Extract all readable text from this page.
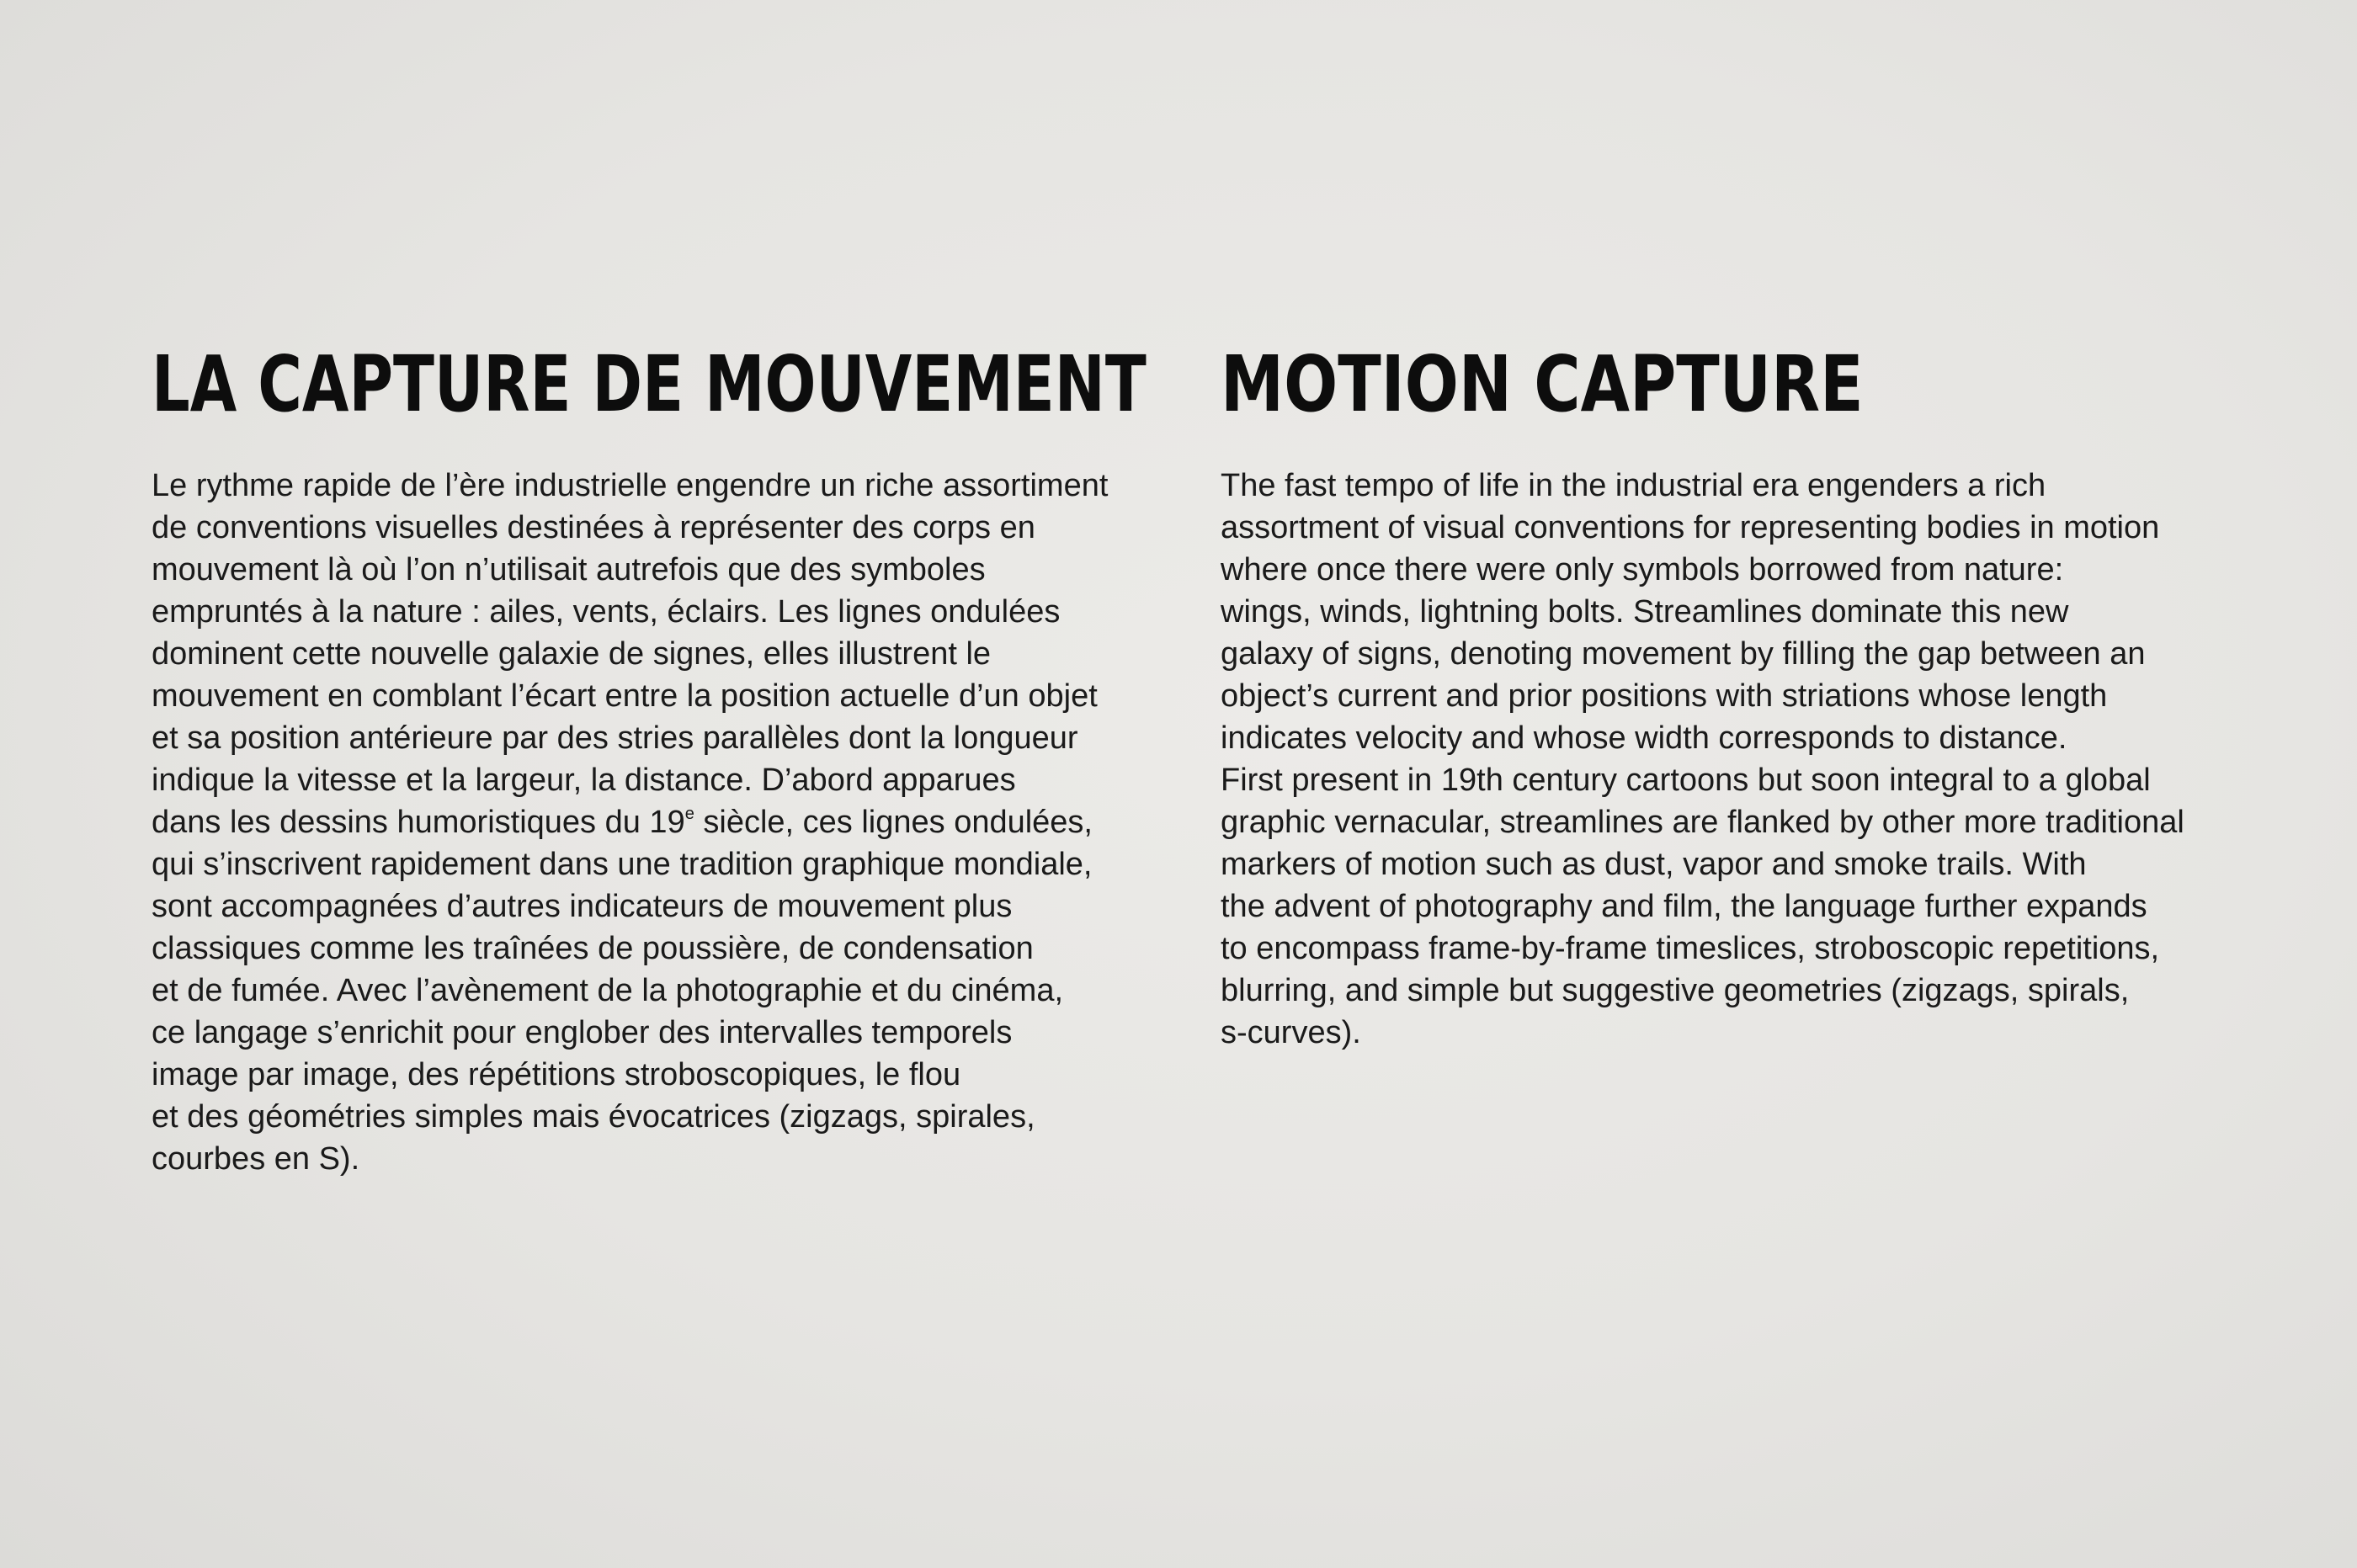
LA CAPTURE DE MOUVEMENT
Le rythme rapide de l’ère industrielle engendre un riche assortiment
de conventions visuelles destinées à représenter des corps en
mouvement là où l’on n’utilisait autrefois que des symboles
empruntés à la nature : ailes, vents, éclairs. Les lignes ondulées
dominent cette nouvelle galaxie de signes, elles illustrent le
mouvement en comblant l’écart entre la position actuelle d’un objet
et sa position antérieure par des stries parallèles dont la longueur
indique la vitesse et la largeur, la distance. D’abord apparues
dans les dessins humoristiques du 19e siècle, ces lignes ondulées,
qui s’inscrivent rapidement dans une tradition graphique mondiale,
sont accompagnées d’autres indicateurs de mouvement plus
classiques comme les traînées de poussière, de condensation
et de fumée. Avec l’avènement de la photographie et du cinéma,
ce langage s’enrichit pour englober des intervalles temporels
image par image, des répétitions stroboscopiques, le flou
et des géométries simples mais évocatrices (zigzags, spirales,
courbes en S).
MOTION CAPTURE
The fast tempo of life in the industrial era engenders a rich
assortment of visual conventions for representing bodies in motion
where once there were only symbols borrowed from nature:
wings, winds, lightning bolts. Streamlines dominate this new
galaxy of signs, denoting movement by filling the gap between an
object’s current and prior positions with striations whose length
indicates velocity and whose width corresponds to distance.
First present in 19th century cartoons but soon integral to a global
graphic vernacular, streamlines are flanked by other more traditional
markers of motion such as dust, vapor and smoke trails. With
the advent of photography and film, the language further expands
to encompass frame-by-frame timeslices, stroboscopic repetitions,
blurring, and simple but suggestive geometries (zigzags, spirals,
s-curves).
